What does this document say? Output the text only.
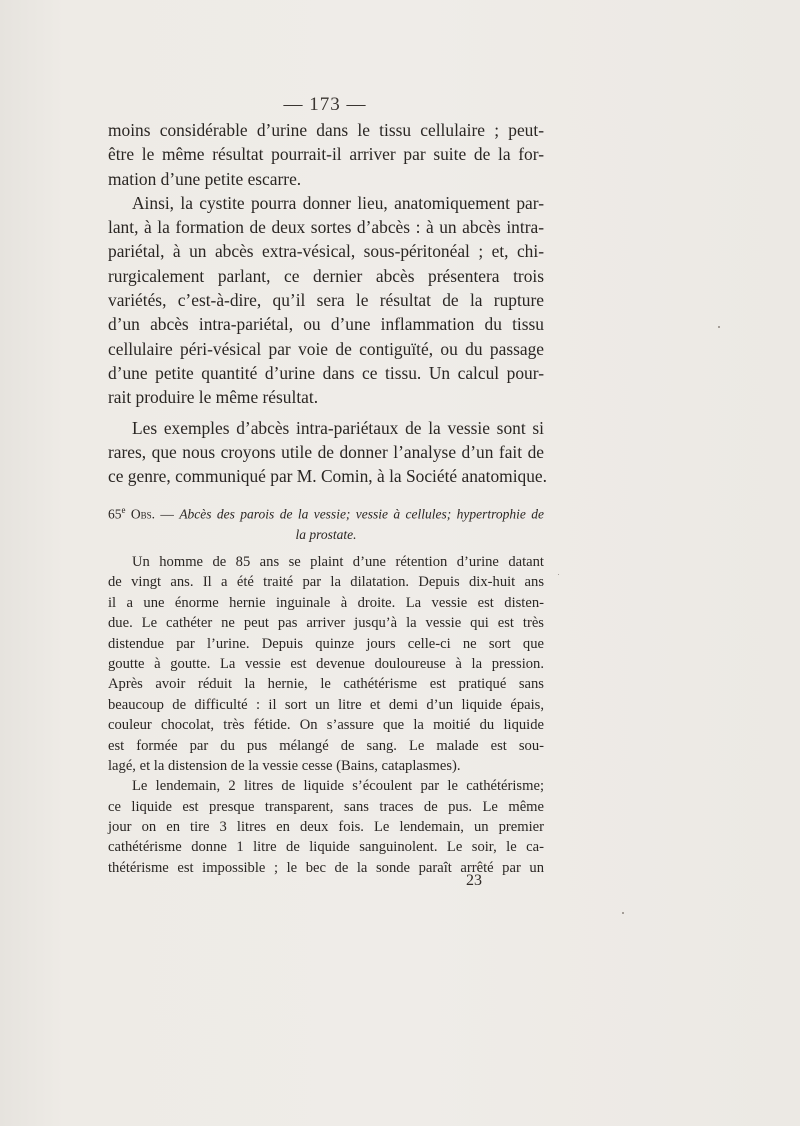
— 173 —

moins considérable d’urine dans le tissu cellulaire ; peut-
être le même résultat pourrait-il arriver par suite de la for-
mation d’une petite escarre.

Ainsi, la cystite pourra donner lieu, anatomiquement par-
lant, à la formation de deux sortes d’abcès : à un abcès intra-
pariétal, à un abcès extra-vésical, sous-péritonéal ; et, chi-
rurgicalement parlant, ce dernier abcès présentera trois
variétés, c’est-à-dire, qu’il sera le résultat de la rupture
d’un abcès intra-pariétal, ou d’une inflammation du tissu
cellulaire péri-vésical par voie de contiguïté, ou du passage
d’une petite quantité d’urine dans ce tissu. Un calcul pour-
rait produire le même résultat.

Les exemples d’abcès intra-pariétaux de la vessie sont si
rares, que nous croyons utile de donner l’analyse d’un fait de
ce genre, communiqué par M. Comin, à la Société anatomique.

65e Obs. — Abcès des parois de la vessie; vessie à cellules; hypertrophie de
la prostate.

Un homme de 85 ans se plaint d’une rétention d’urine datant
de vingt ans. Il a été traité par la dilatation. Depuis dix-huit ans
il a une énorme hernie inguinale à droite. La vessie est disten-
due. Le cathéter ne peut pas arriver jusqu’à la vessie qui est très
distendue par l’urine. Depuis quinze jours celle-ci ne sort que
goutte à goutte. La vessie est devenue douloureuse à la pression.
Après avoir réduit la hernie, le cathétérisme est pratiqué sans
beaucoup de difficulté : il sort un litre et demi d’un liquide épais,
couleur chocolat, très fétide. On s’assure que la moitié du liquide
est formée par du pus mélangé de sang. Le malade est sou-
lagé, et la distension de la vessie cesse (Bains, cataplasmes).

Le lendemain, 2 litres de liquide s’écoulent par le cathétérisme;
ce liquide est presque transparent, sans traces de pus. Le même
jour on en tire 3 litres en deux fois. Le lendemain, un premier
cathétérisme donne 1 litre de liquide sanguinolent. Le soir, le ca-
thétérisme est impossible ; le bec de la sonde paraît arrêté par un

23
